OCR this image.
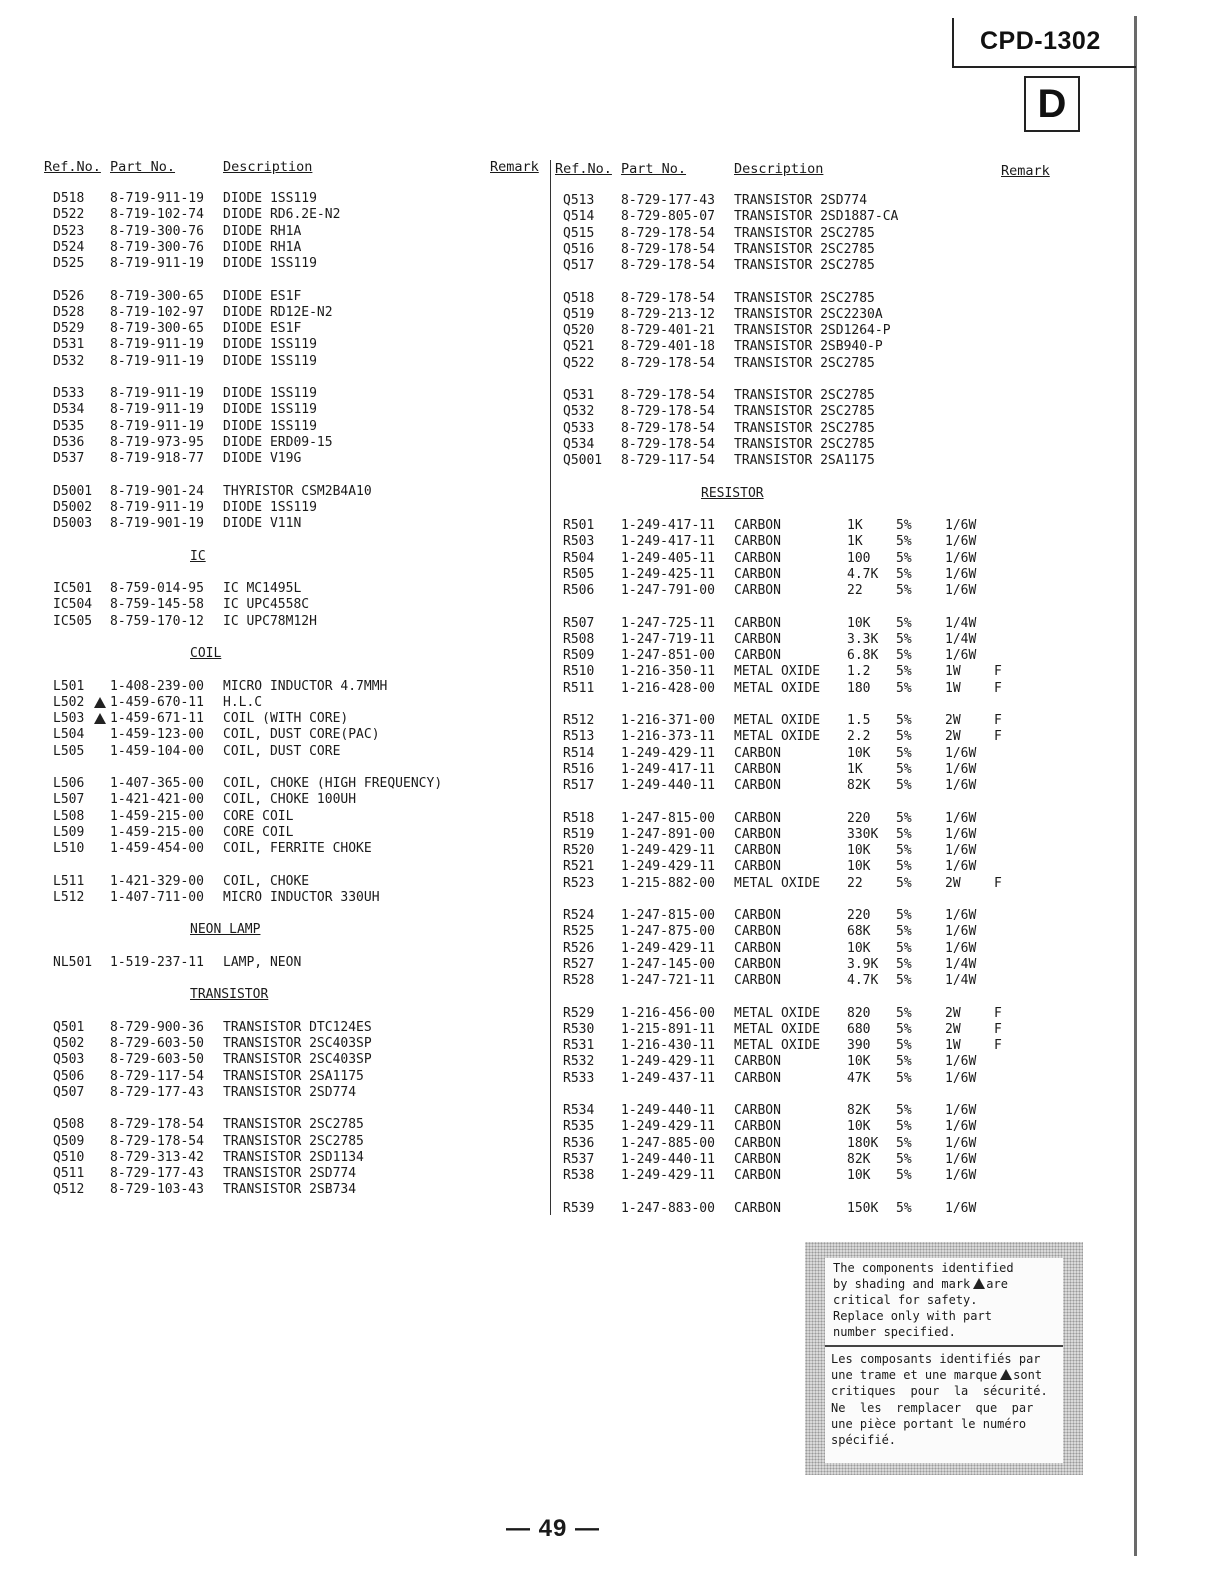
CPD-1302
D
Ref.No. Part No.	Description	Remark Ref.No. Part No.	Description	Remark
D518 8-719-911-19 DIODE 1SS119
D522 8-719-102-74 DIODE RD6.2E-N2
D523 8-719-300-76 DIODE RH1A
D524 8-719-300-76 DIODE RH1A
D525 8-719-911-19 DIODE 1SS119
D526 8-719-300-65 DIODE ES1F
D528 8-719-102-97 DIODE RD12E-N2
D529 8-719-300-65 DIODE ES1F
D531 8-719-911-19 DIODE 1SS119
D532 8-719-911-19 DIODE 1SS119
D533 8-719-911-19 DIODE 1SS119
D534 8-719-911-19 DIODE 1SS119
D535 8-719-911-19 DIODE 1SS119
D536 8-719-973-95 DIODE ERD09-15
D537 8-719-918-77 DIODE V19G
D5001 8-719-901-24 THYRISTOR CSM2B4A10
D5002 8-719-911-19 DIODE 1SS119
D5003 8-719-901-19 DIODE V11N
IC
IC501 8-759-014-95 IC MC1495L
IC504 8-759-145-58 IC UPC4558C
IC505 8-759-170-12 IC UPC78M12H
COIL
L501 1-408-239-00 MICRO INDUCTOR 4.7MMH
L502 1-459-670-11 H.L.C
L503 1-459-671-11 COIL (WITH CORE)
L504 1-459-123-00 COIL, DUST CORE(PAC)
L505 1-459-104-00 COIL, DUST CORE
L506 1-407-365-00 COIL, CHOKE (HIGH FREQUENCY)
L507 1-421-421-00 COIL, CHOKE 100UH
L508 1-459-215-00 CORE COIL
L509 1-459-215-00 CORE COIL
L510 1-459-454-00 COIL, FERRITE CHOKE
L511 1-421-329-00 COIL, CHOKE
L512 1-407-711-00 MICRO INDUCTOR 330UH
NEON LAMP
NL501 1-519-237-11 LAMP, NEON
TRANSISTOR
Q501 8-729-900-36 TRANSISTOR DTC124ES
Q502 8-729-603-50 TRANSISTOR 2SC403SP
Q503 8-729-603-50 TRANSISTOR 2SC403SP
Q506 8-729-117-54 TRANSISTOR 2SA1175
Q507 8-729-177-43 TRANSISTOR 2SD774
Q508 8-729-178-54 TRANSISTOR 2SC2785
Q509 8-729-178-54 TRANSISTOR 2SC2785
Q510 8-729-313-42 TRANSISTOR 2SD1134
Q511 8-729-177-43 TRANSISTOR 2SD774
Q512 8-729-103-43 TRANSISTOR 2SB734
Q513 8-729-177-43 TRANSISTOR 2SD774
Q514 8-729-805-07 TRANSISTOR 2SD1887-CA
Q515 8-729-178-54 TRANSISTOR 2SC2785
Q516 8-729-178-54 TRANSISTOR 2SC2785
Q517 8-729-178-54 TRANSISTOR 2SC2785
Q518 8-729-178-54 TRANSISTOR 2SC2785
Q519 8-729-213-12 TRANSISTOR 2SC2230A
Q520 8-729-401-21 TRANSISTOR 2SD1264-P
Q521 8-729-401-18 TRANSISTOR 2SB940-P
Q522 8-729-178-54 TRANSISTOR 2SC2785
Q531 8-729-178-54 TRANSISTOR 2SC2785
Q532 8-729-178-54 TRANSISTOR 2SC2785
Q533 8-729-178-54 TRANSISTOR 2SC2785
Q534 8-729-178-54 TRANSISTOR 2SC2785
Q5001 8-729-117-54 TRANSISTOR 2SA1175
RESISTOR
R501 1-249-417-11 CARBON	1K	5%	1/6W
R503 1-249-417-11 CARBON	1K	5%	1/6W
R504 1-249-405-11 CARBON	100 5%	1/6W
R505 1-249-425-11 CARBON	4.7K 5%	1/6W
R506 1-247-791-00 CARBON	22	5%	1/6W
R507 1-247-725-11 CARBON	10K 5%	1/4W
R508 1-247-719-11 CARBON	3.3K 5%	1/4W
R509 1-247-851-00 CARBON	6.8K 5%	1/6W
R510 1-216-350-11 METAL OXIDE 1.2 5%	1W	F
R511 1-216-428-00 METAL OXIDE 180 5%	1W	F
R512 1-216-371-00 METAL OXIDE 1.5 5%	2W	F
R513 1-216-373-11 METAL OXIDE 2.2 5%	2W	F
R514 1-249-429-11 CARBON	10K 5%	1/6W
R516 1-249-417-11 CARBON	1K	5%	1/6W
R517 1-249-440-11 CARBON	82K 5%	1/6W
R518 1-247-815-00 CARBON	220 5%	1/6W
R519 1-247-891-00 CARBON	330K 5%	1/6W
R520 1-249-429-11 CARBON	10K 5%	1/6W
R521 1-249-429-11 CARBON	10K 5%	1/6W
R523 1-215-882-00 METAL OXIDE 22	5%	2W	F
R524 1-247-815-00 CARBON	220 5%	1/6W
R525 1-247-875-00 CARBON	68K 5%	1/6W
R526 1-249-429-11 CARBON	10K 5%	1/6W
R527 1-247-145-00 CARBON	3.9K 5%	1/4W
R528 1-247-721-11 CARBON	4.7K 5%	1/4W
R529 1-216-456-00 METAL OXIDE 820 5%	2W	F
R530 1-215-891-11 METAL OXIDE 680 5%	2W	F
R531 1-216-430-11 METAL OXIDE 390 5%	1W	F
R532 1-249-429-11 CARBON	10K 5%	1/6W
R533 1-249-437-11 CARBON	47K 5%	1/6W
R534 1-249-440-11 CARBON	82K 5%	1/6W
R535 1-249-429-11 CARBON	10K 5%	1/6W
R536 1-247-885-00 CARBON	180K 5%	1/6W
R537 1-249-440-11 CARBON	82K 5%	1/6W
R538 1-249-429-11 CARBON	10K 5%	1/6W
R539 1-247-883-00 CARBON	150K 5%	1/6W
The components identified
by shading and mark are
critical for safety.
Replace only with part
number specified.
Les composants identifiés par
une trame et une marque sont
critiques  pour  la  sécurité.
Ne  les  remplacer  que  par
une pièce portant le numéro
spécifié.
— 49 —
